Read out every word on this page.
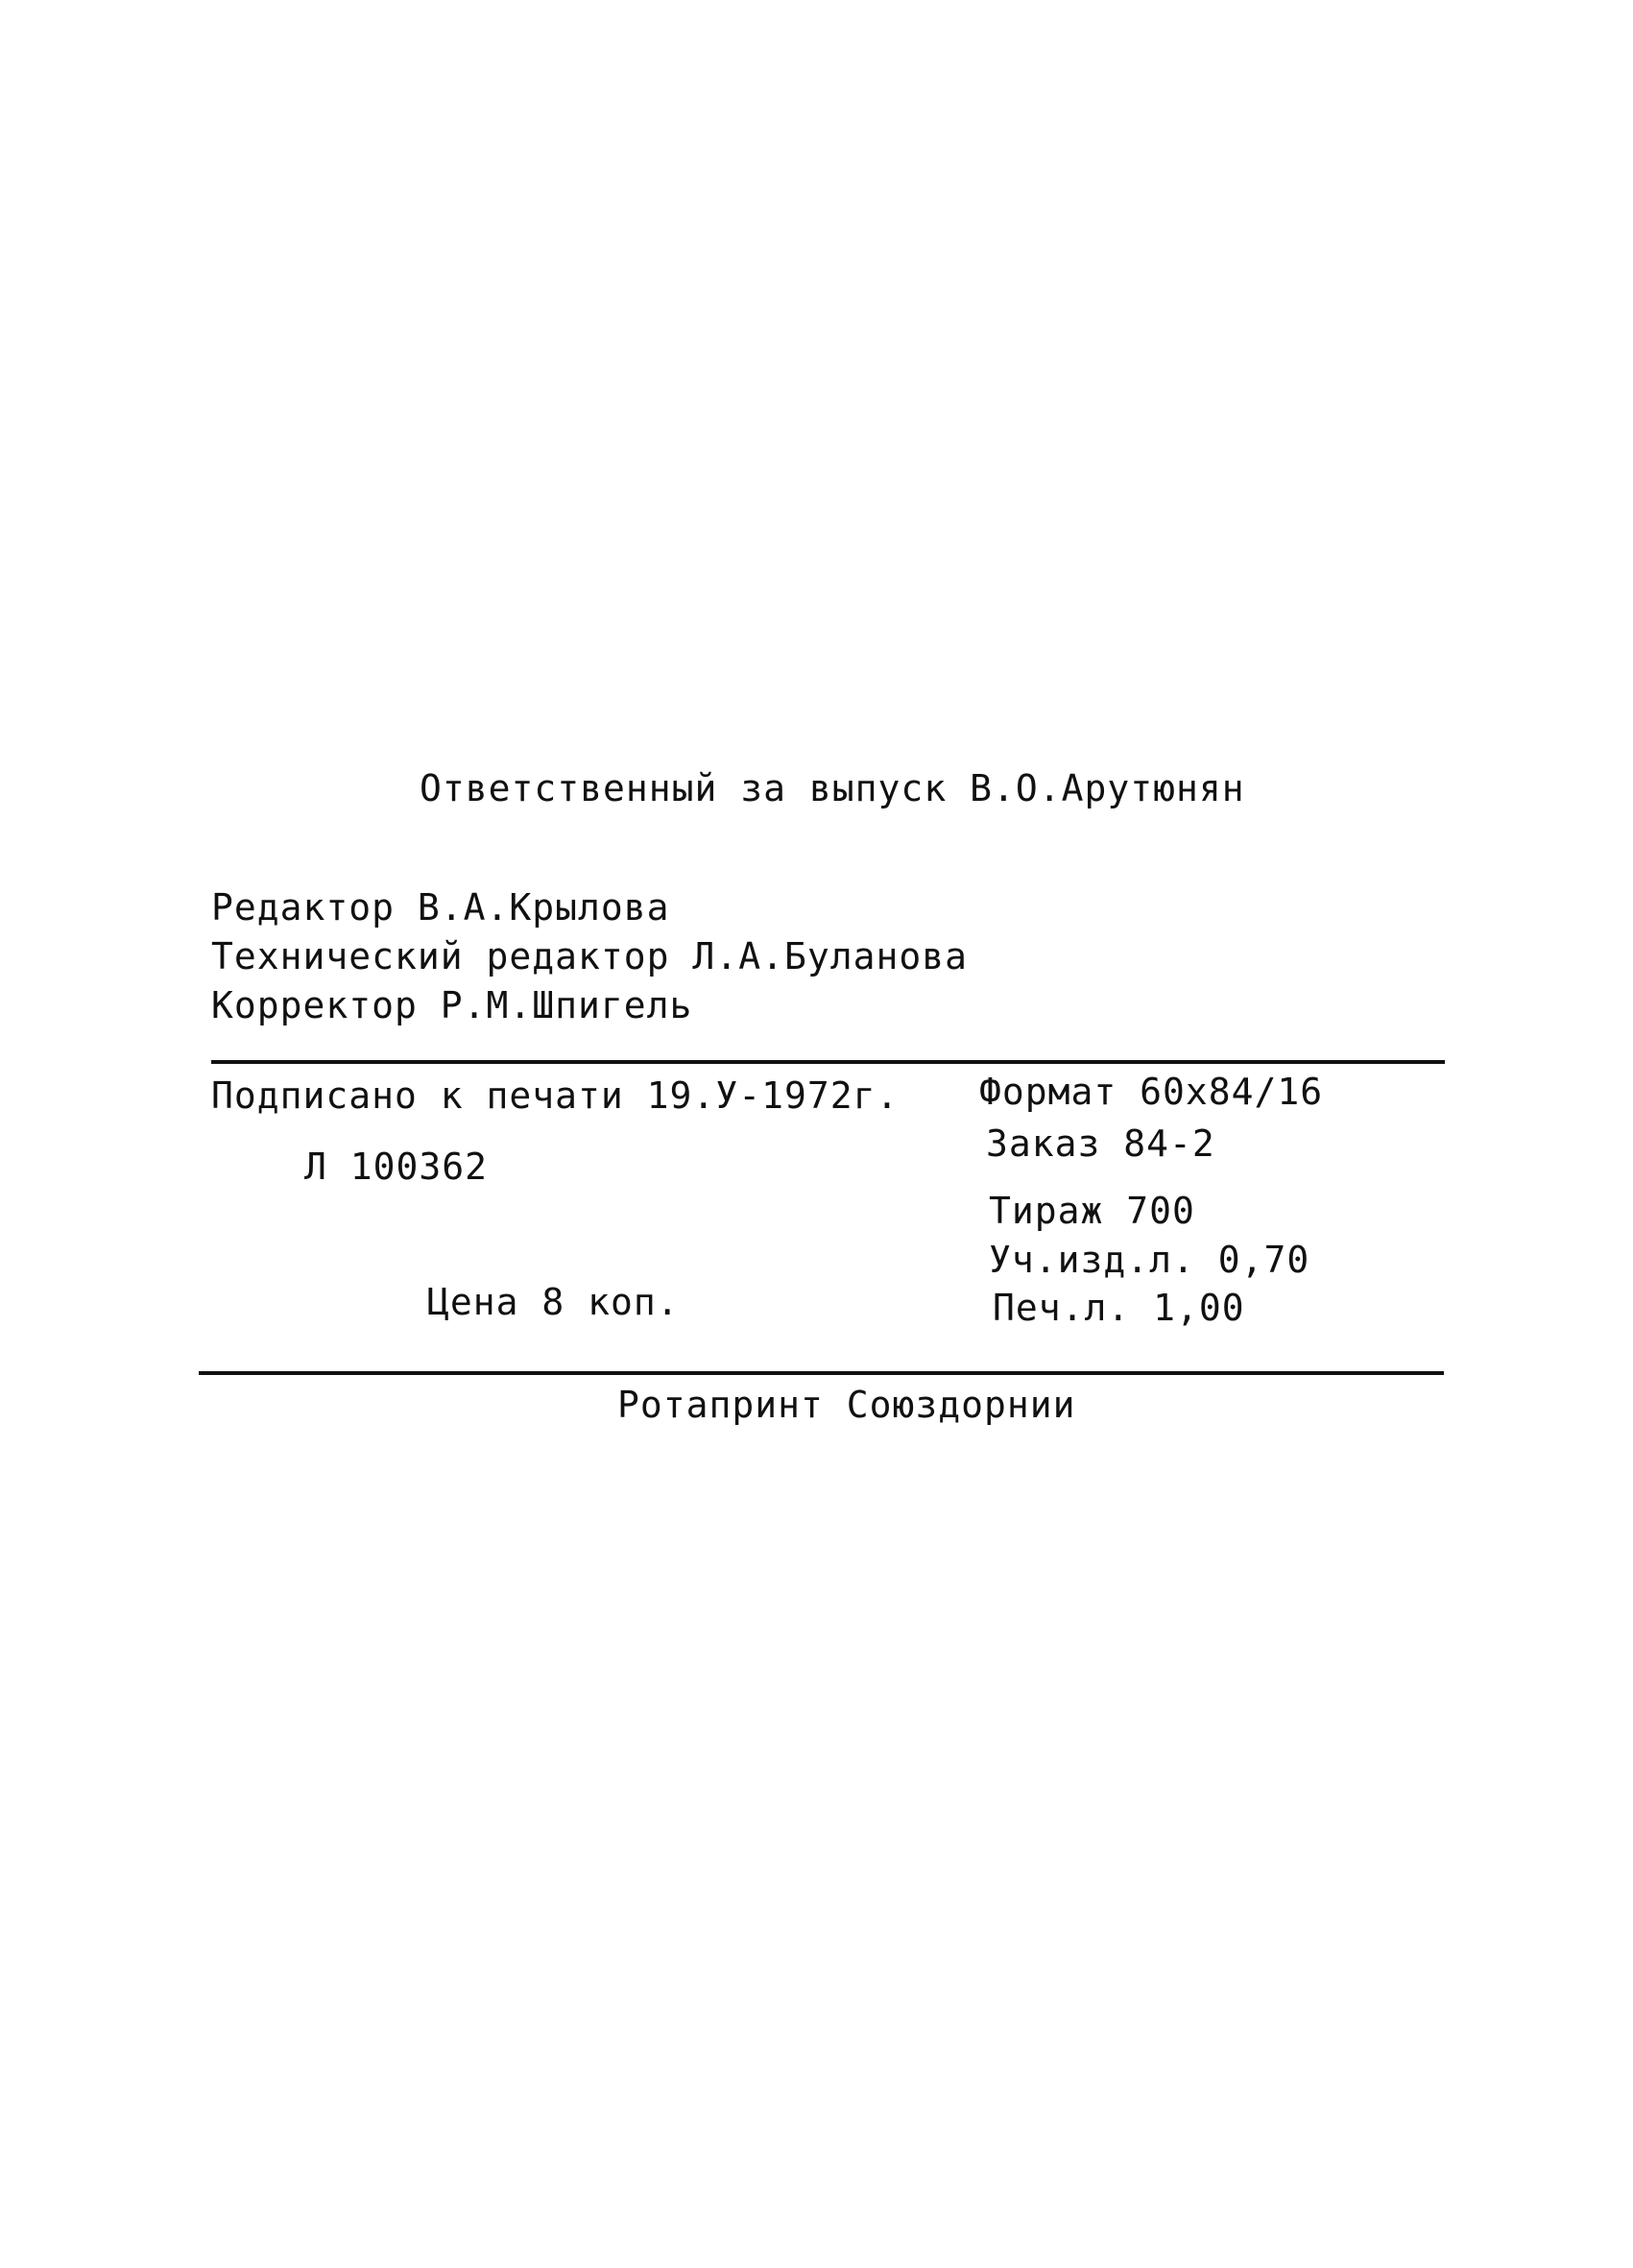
Ответственный за выпуск В.О.Арутюнян
Редактор В.А.Крылова
Технический редактор Л.А.Буланова
Корректор Р.М.Шпигель
Подписано к печати 19.У-1972г.
Л 100362
Цена 8 коп.
Формат 60x84/16
Заказ 84-2
Тираж 700
Уч.изд.л. 0,70
Печ.л. 1,00
Ротапринт Союздорнии
